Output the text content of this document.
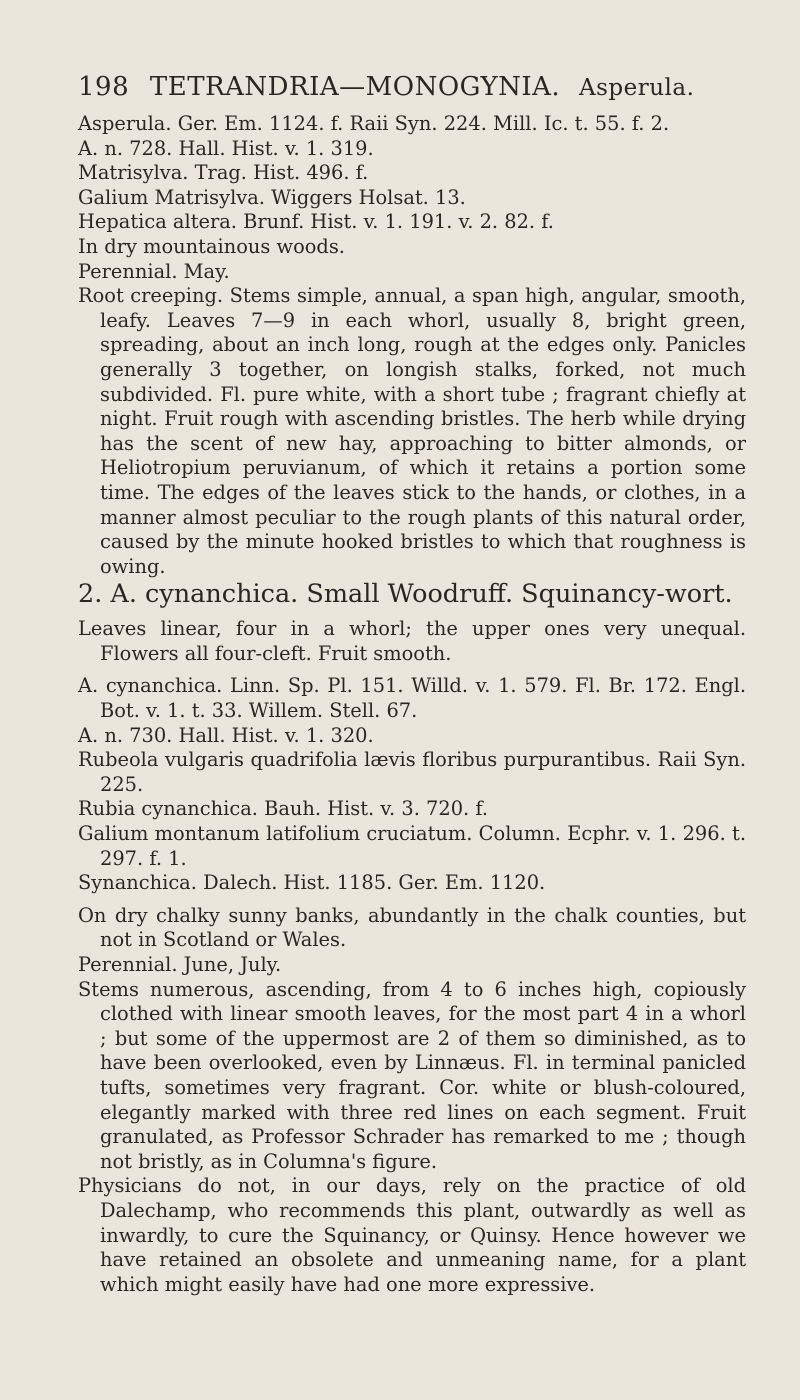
198 TETRANDRIA—MONOGYNIA. Asperula.

Asperula. Ger. Em. 1124. f. Raii Syn. 224. Mill. Ic. t. 55. f. 2.

A. n. 728. Hall. Hist. v. 1. 319.

Matrisylva. Trag. Hist. 496. f.

Galium Matrisylva. Wiggers Holsat. 13.

Hepatica altera. Brunf. Hist. v. 1. 191. v. 2. 82. f.

In dry mountainous woods.

Perennial. May.

Root creeping. Stems simple, annual, a span high, angular, smooth, leafy. Leaves 7—9 in each whorl, usually 8, bright green, spreading, about an inch long, rough at the edges only. Panicles generally 3 together, on longish stalks, forked, not much subdivided. Fl. pure white, with a short tube ; fragrant chiefly at night. Fruit rough with ascending bristles. The herb while drying has the scent of new hay, approaching to bitter almonds, or Heliotropium peruvianum, of which it retains a portion some time. The edges of the leaves stick to the hands, or clothes, in a manner almost peculiar to the rough plants of this natural order, caused by the minute hooked bristles to which that roughness is owing.

2. A. cynanchica. Small Woodruff. Squinancy-wort.

Leaves linear, four in a whorl; the upper ones very unequal. Flowers all four-cleft. Fruit smooth.

A. cynanchica. Linn. Sp. Pl. 151. Willd. v. 1. 579. Fl. Br. 172. Engl. Bot. v. 1. t. 33. Willem. Stell. 67.

A. n. 730. Hall. Hist. v. 1. 320.

Rubeola vulgaris quadrifolia lævis floribus purpurantibus. Raii Syn. 225.

Rubia cynanchica. Bauh. Hist. v. 3. 720. f.

Galium montanum latifolium cruciatum. Column. Ecphr. v. 1. 296. t. 297. f. 1.

Synanchica. Dalech. Hist. 1185. Ger. Em. 1120.

On dry chalky sunny banks, abundantly in the chalk counties, but not in Scotland or Wales.

Perennial. June, July.

Stems numerous, ascending, from 4 to 6 inches high, copiously clothed with linear smooth leaves, for the most part 4 in a whorl ; but some of the uppermost are 2 of them so diminished, as to have been overlooked, even by Linnæus. Fl. in terminal panicled tufts, sometimes very fragrant. Cor. white or blush-coloured, elegantly marked with three red lines on each segment. Fruit granulated, as Professor Schrader has remarked to me ; though not bristly, as in Columna's figure.

Physicians do not, in our days, rely on the practice of old Dalechamp, who recommends this plant, outwardly as well as inwardly, to cure the Squinancy, or Quinsy. Hence however we have retained an obsolete and unmeaning name, for a plant which might easily have had one more expressive.
